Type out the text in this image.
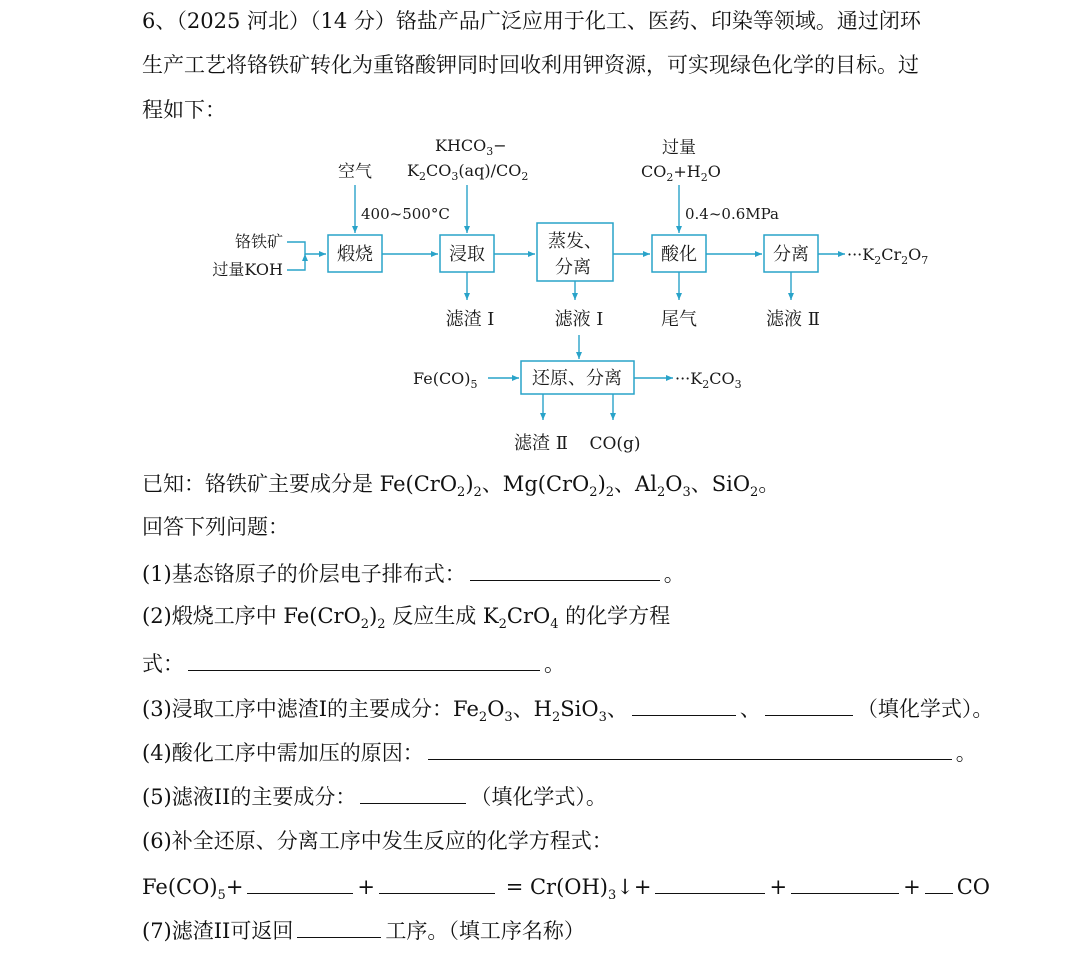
6、（2025 河北）（14 分）铬盐产品广泛应用于化工、医药、印染等领域。通过闭环
生产工艺将铬铁矿转化为重铬酸钾同时回收利用钾资源，可实现绿色化学的目标。过
程如下：
煅烧	浸取
蒸发、
分离
酸化	分离
还原、分离
铬铁矿
过量KOH
空气
400~500°C
$KHCO_3-$
$K_2CO_3(aq)/CO_2$
过量
$CO_2+H_2O$
0.4~0.6MPa
$\cdot\cdot\cdot K_2Cr_2O_7$
滤渣 Ⅰ	滤液 Ⅰ	尾气	滤液 Ⅱ
$Fe(CO)_5$	$\cdot\cdot\cdot K_2CO_3$
滤渣 Ⅱ CO(g)
已知：铬铁矿主要成分是 $Fe(CrO_2)_2$、$Mg(CrO_2)_2$、$Al_2O_3$、SiO$_2$。
回答下列问题：
(1)基态铬原子的价层电子排布式：	。
(2)煅烧工序中 $Fe(CrO_2)_2$ 反应生成 $K_2CrO_4$ 的化学方程
式：	。
(3)浸取工序中滤渣I的主要成分：$Fe_2O_3$、$H_2SiO_3$、	、	（填化学式）。
(4)酸化工序中需加压的原因：	。
(5)滤液II的主要成分：	（填化学式）。
(6)补全还原、分离工序中发生反应的化学方程式：
$Fe(CO)_5+$	+	= $Cr(OH)_3↓+$	+	+ CO
(7)滤渣II可返回	工序。（填工序名称）
